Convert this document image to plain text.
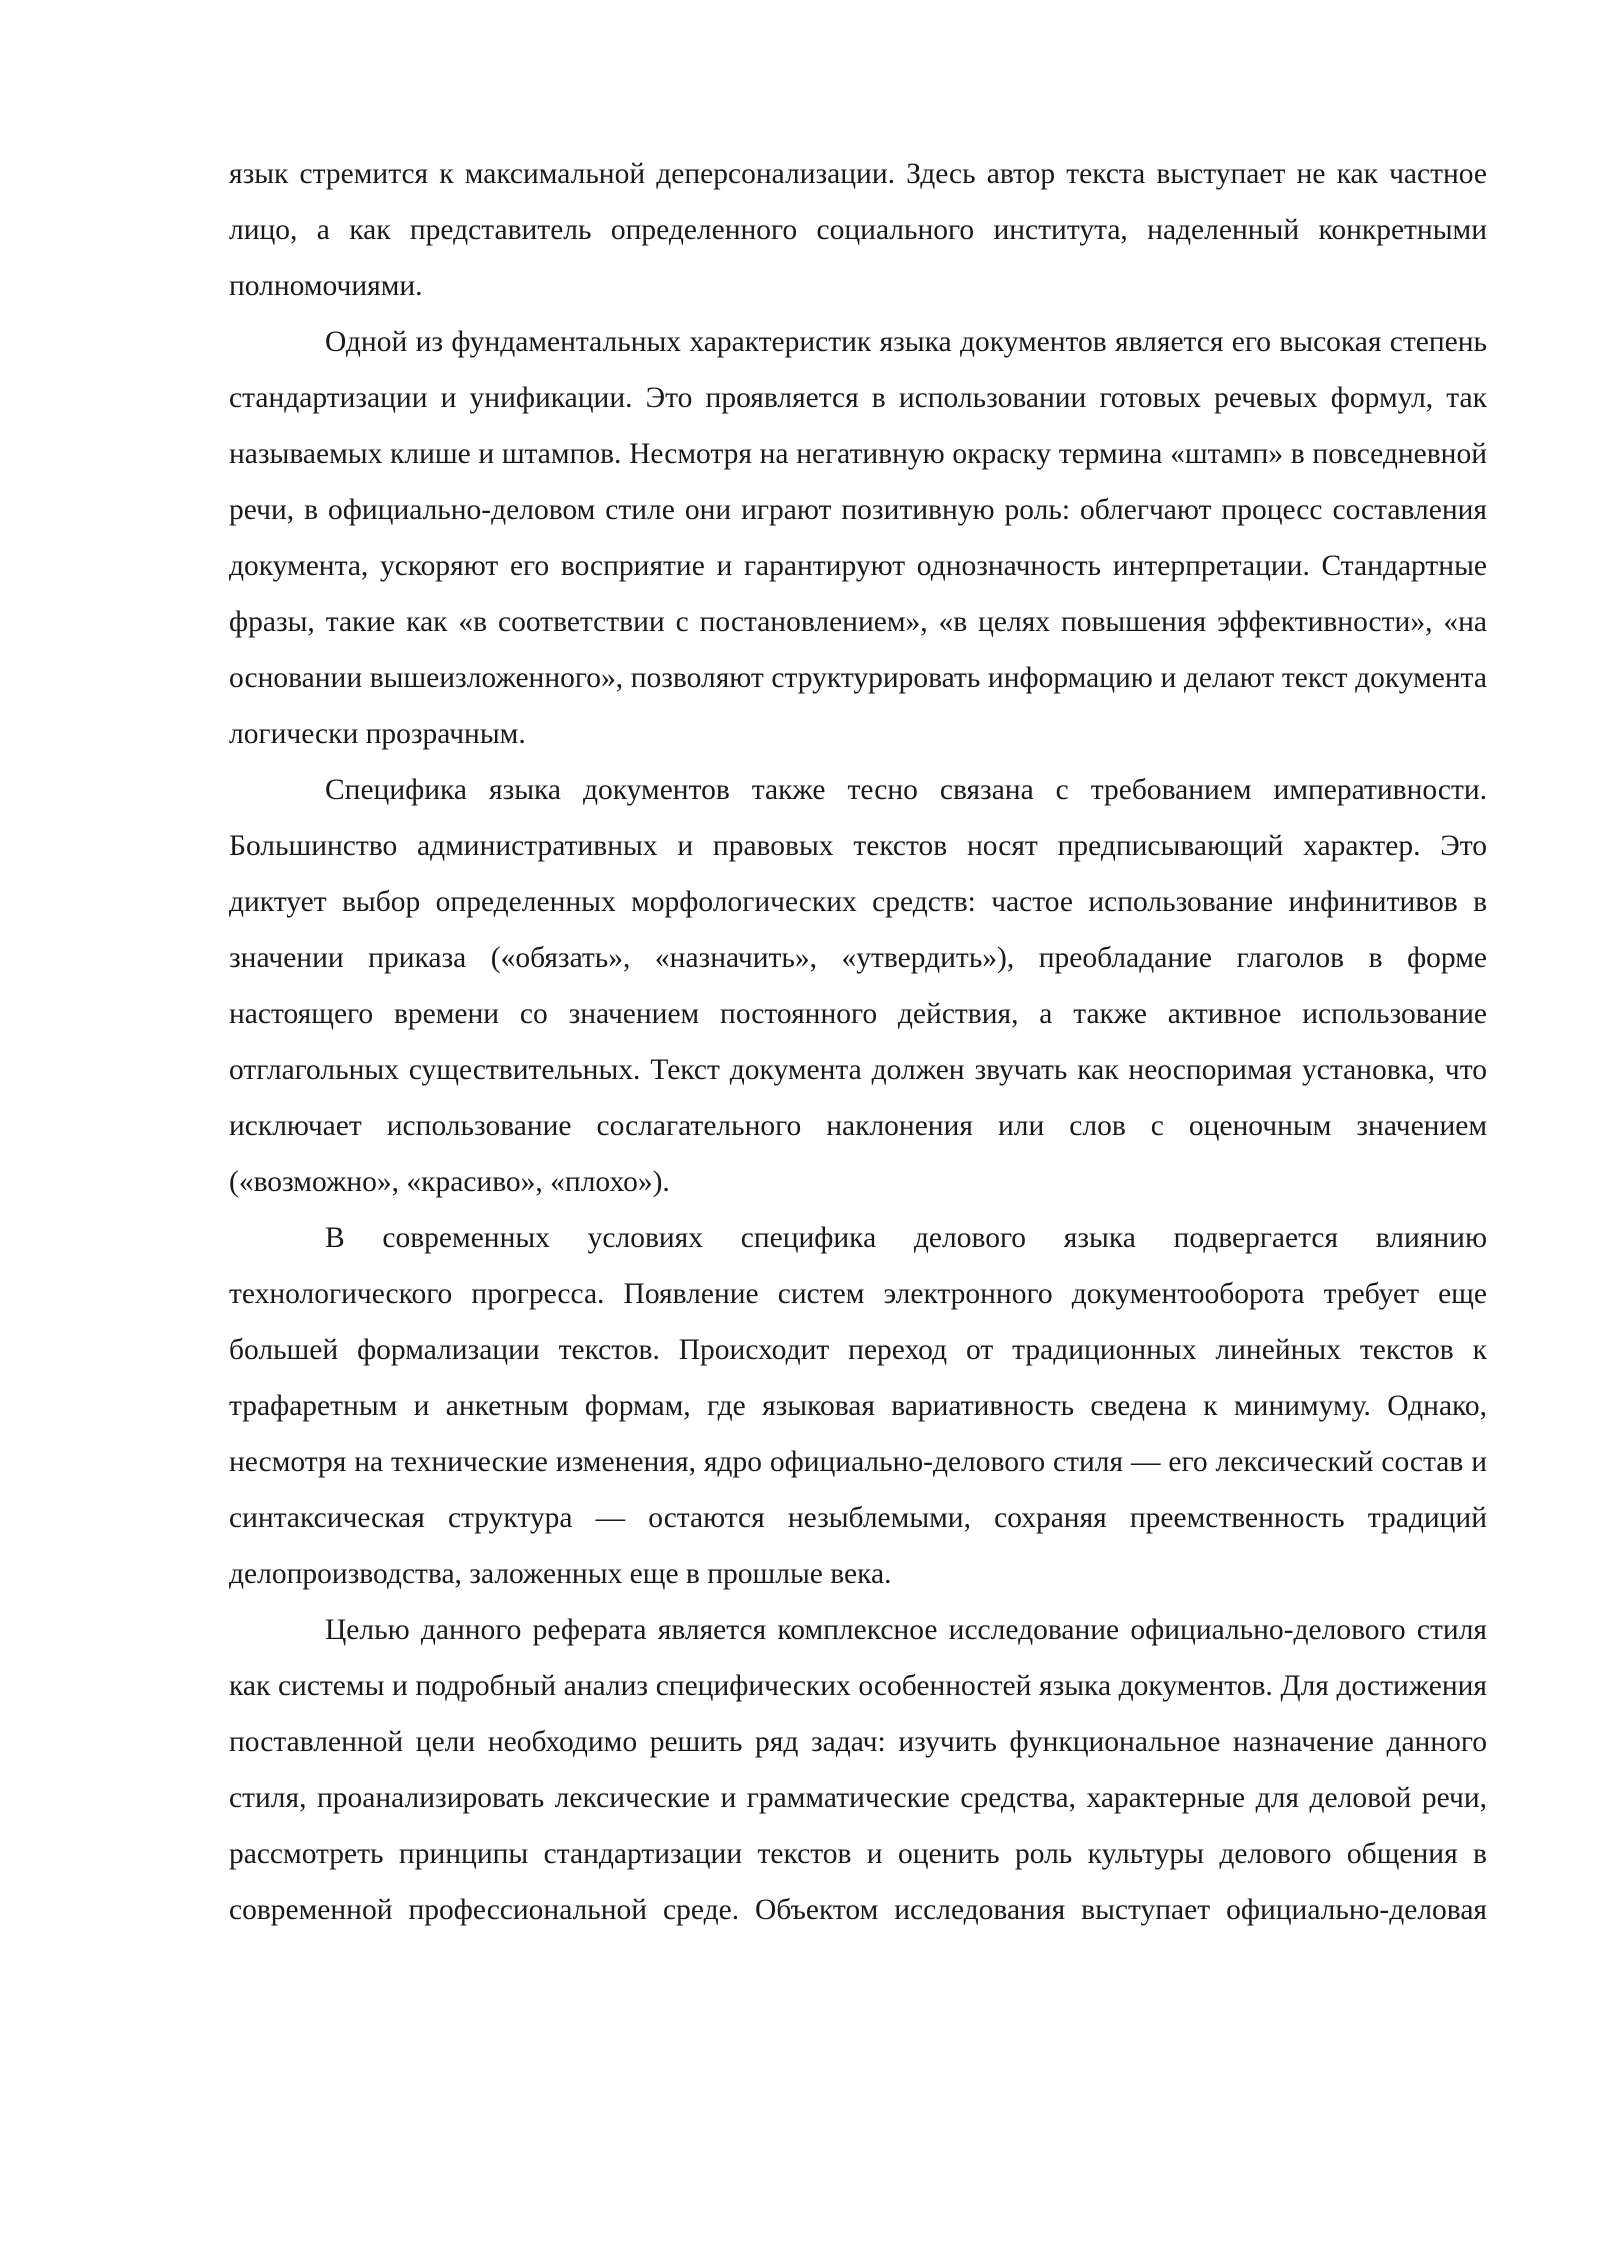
язык стремится к максимальной деперсонализации. Здесь автор текста выступает не как частное лицо, а как представитель определенного социального института, наделенный конкретными полномочиями.

Одной из фундаментальных характеристик языка документов является его высокая степень стандартизации и унификации. Это проявляется в использовании готовых речевых формул, так называемых клише и штампов. Несмотря на негативную окраску термина «штамп» в повседневной речи, в официально-деловом стиле они играют позитивную роль: облегчают процесс составления документа, ускоряют его восприятие и гарантируют однозначность интерпретации. Стандартные фразы, такие как «в соответствии с постановлением», «в целях повышения эффективности», «на основании вышеизложенного», позволяют структурировать информацию и делают текст документа логически прозрачным.

Специфика языка документов также тесно связана с требованием императивности. Большинство административных и правовых текстов носят предписывающий характер. Это диктует выбор определенных морфологических средств: частое использование инфинитивов в значении приказа («обязать», «назначить», «утвердить»), преобладание глаголов в форме настоящего времени со значением постоянного действия, а также активное использование отглагольных существительных. Текст документа должен звучать как неоспоримая установка, что исключает использование сослагательного наклонения или слов с оценочным значением («возможно», «красиво», «плохо»).

В современных условиях специфика делового языка подвергается влиянию технологического прогресса. Появление систем электронного документооборота требует еще большей формализации текстов. Происходит переход от традиционных линейных текстов к трафаретным и анкетным формам, где языковая вариативность сведена к минимуму. Однако, несмотря на технические изменения, ядро официально-делового стиля — его лексический состав и синтаксическая структура — остаются незыблемыми, сохраняя преемственность традиций делопроизводства, заложенных еще в прошлые века.

Целью данного реферата является комплексное исследование официально-делового стиля как системы и подробный анализ специфических особенностей языка документов. Для достижения поставленной цели необходимо решить ряд задач: изучить функциональное назначение данного стиля, проанализировать лексические и грамматические средства, характерные для деловой речи, рассмотреть принципы стандартизации текстов и оценить роль культуры делового общения в современной профессиональной среде. Объектом исследования выступает официально-деловая
